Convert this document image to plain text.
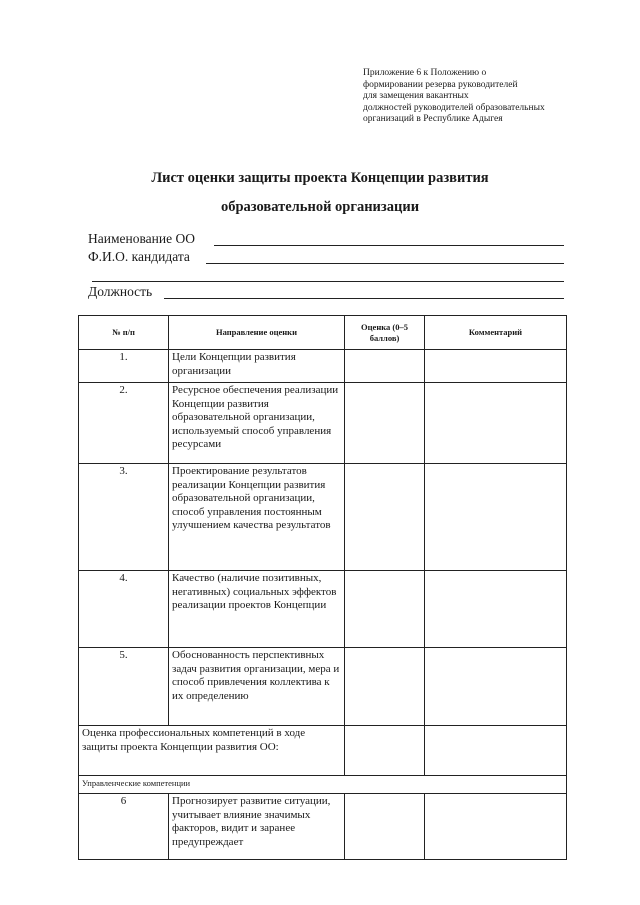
Приложение 6 к Положению о
формировании резерва руководителей
для замещения вакантных
должностей руководителей образовательных
организаций в Республике Адыгея
Лист оценки защиты проекта Концепции развития
образовательной организации
Наименование ОО
Ф.И.О. кандидата
Должность
№ п/п	Направление оценки	Оценка (0–5 баллов)	Комментарий
1.	Цели Концепции развития организации		
2.	Ресурсное обеспечения реализации Концепции развития образовательной организации, используемый способ управления ресурсами		
3.	Проектирование результатов реализации Концепции развития образовательной организации, способ управления постоянным улучшением качества результатов		
4.	Качество (наличие позитивных, негативных) социальных эффектов реализации проектов Концепции		
5.	Обоснованность перспективных задач развития организации, мера и способ привлечения коллектива к их определению		
Оценка профессиональных компетенций в ходе защиты проекта Концепции развития ОО:			
Управленческие компетенции			
6	Прогнозирует развитие ситуации, учитывает влияние значимых факторов, видит и заранее предупреждает		
